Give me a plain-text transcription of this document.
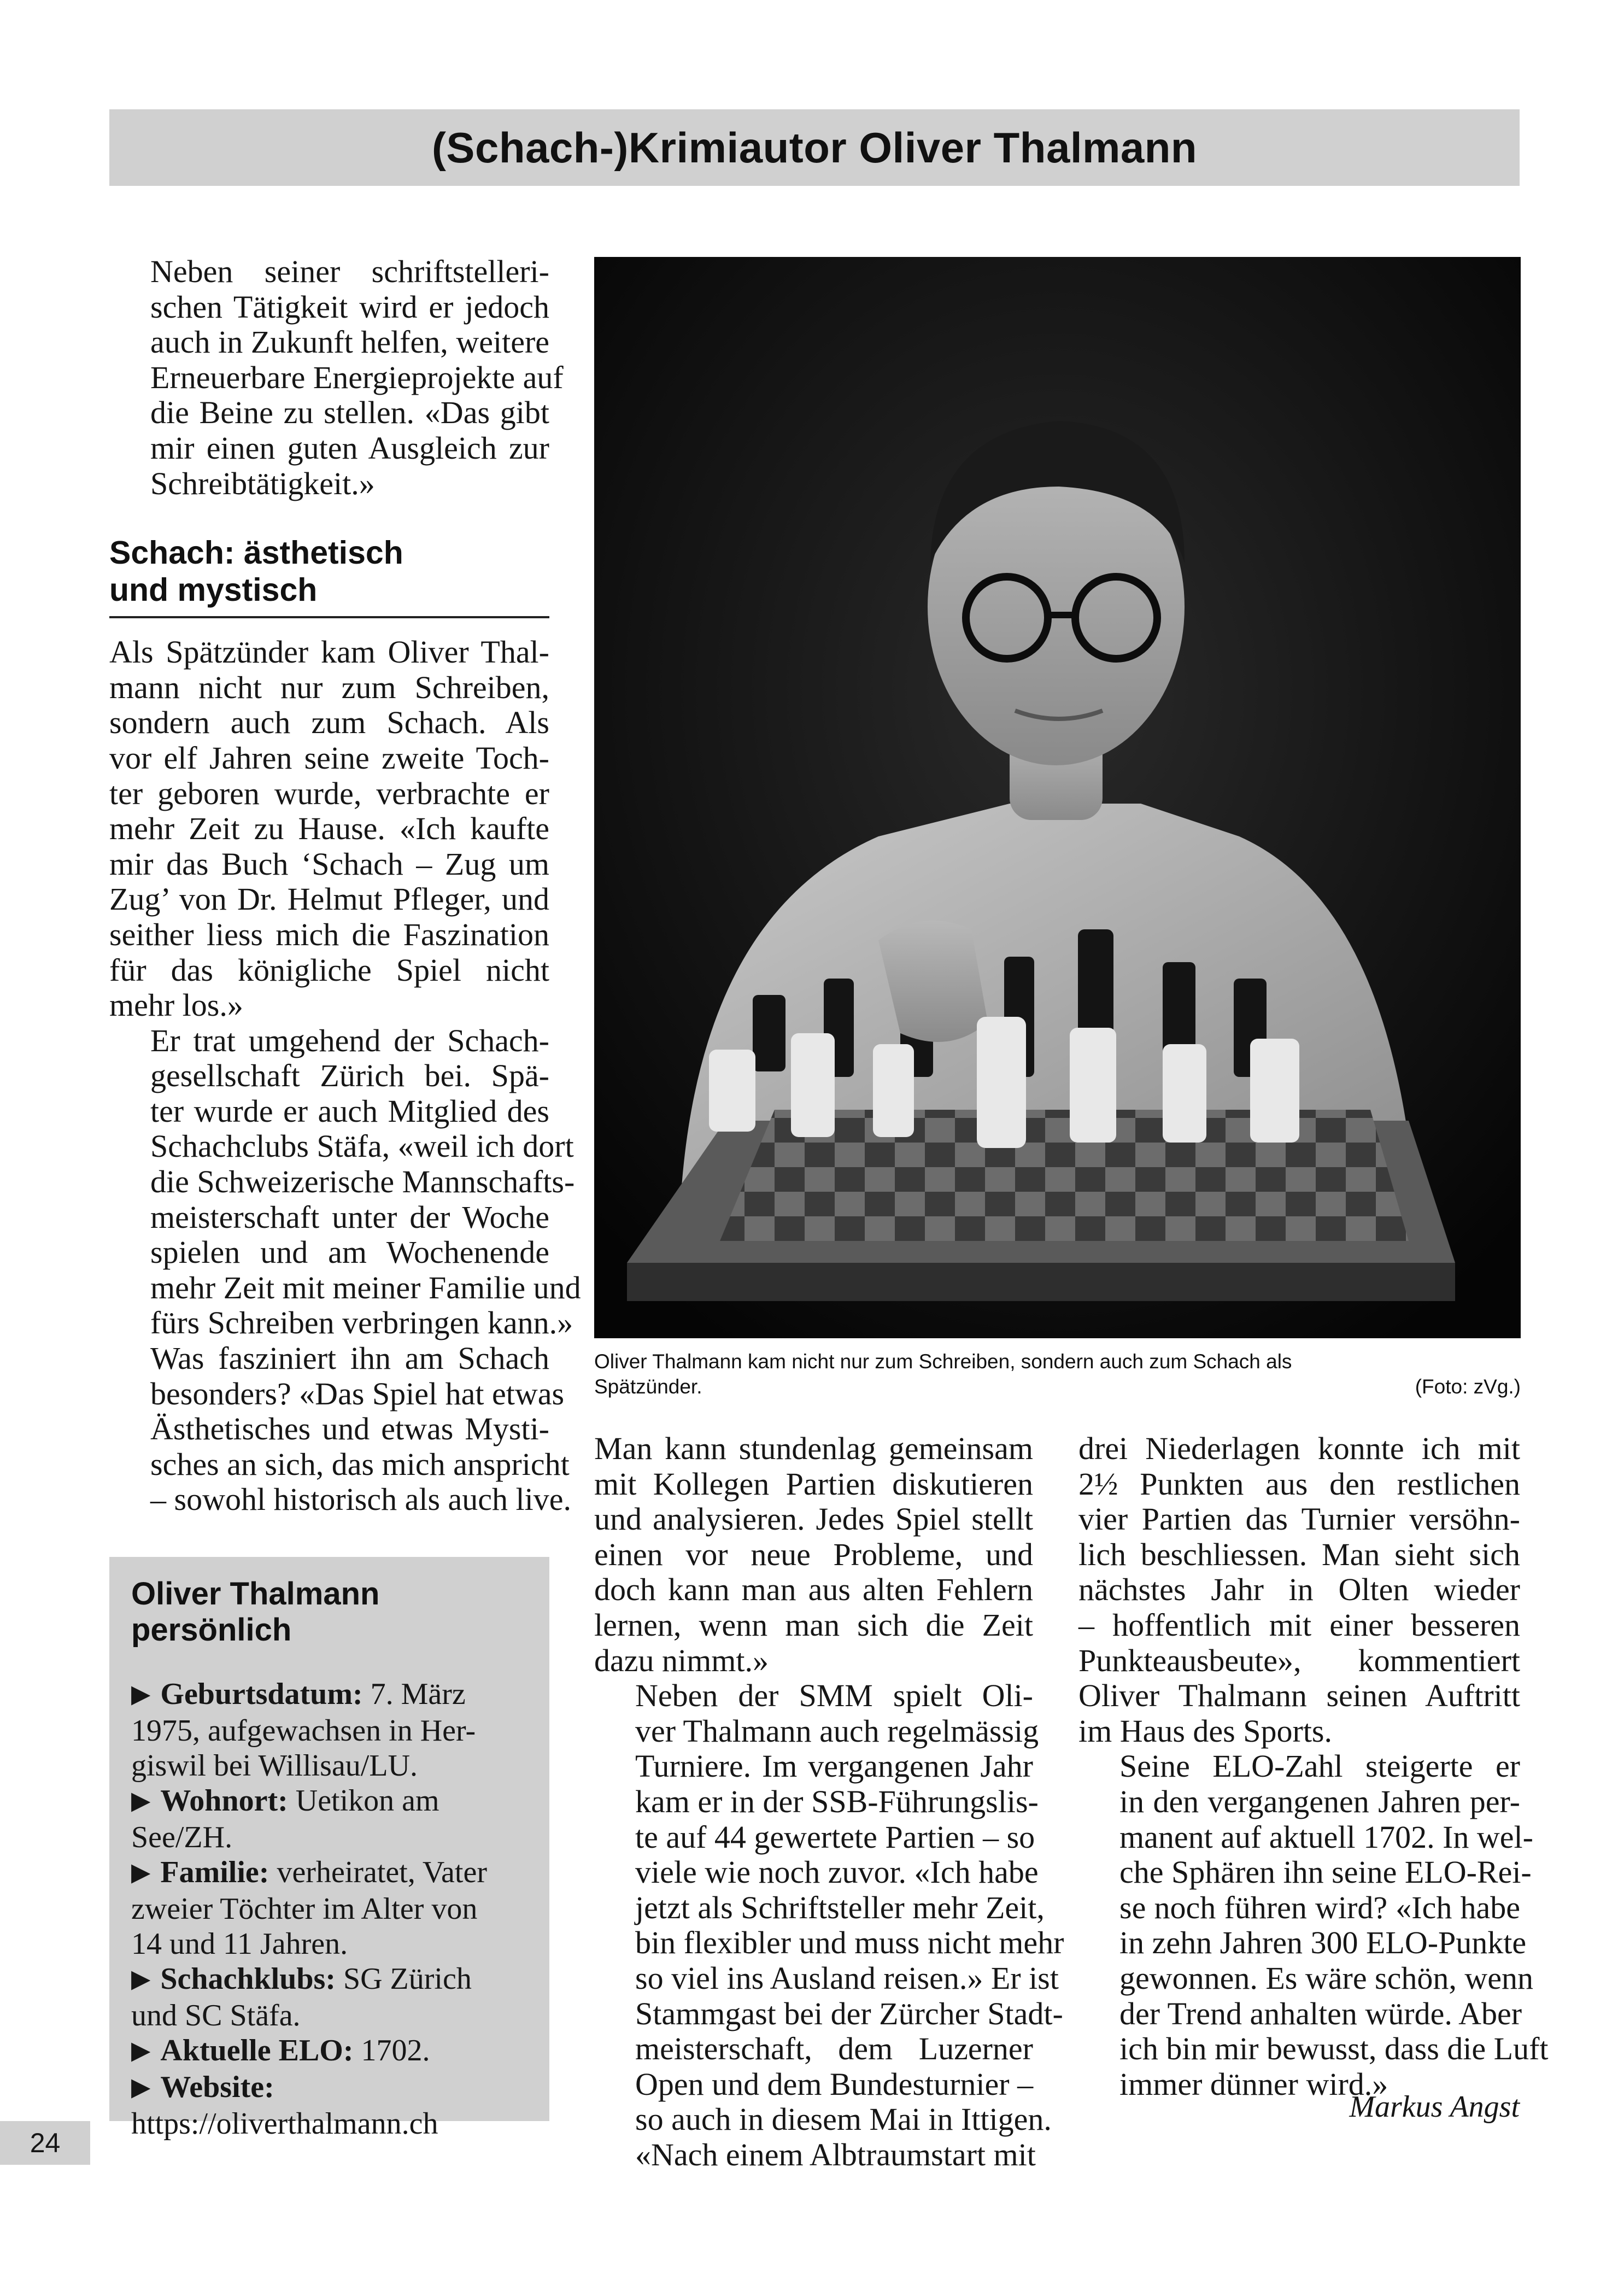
(Schach-)Krimiautor Oliver Thalmann

Neben seiner schriftstelleri-
schen Tätigkeit wird er jedoch
auch in Zukunft helfen, weitere
Erneuerbare Energieprojekte auf
die Beine zu stellen. «Das gibt
mir einen guten Ausgleich zur
Schreibtätigkeit.»

Schach: ästhetisch
und mystisch

Als Spätzünder kam Oliver Thal-
mann nicht nur zum Schreiben,
sondern auch zum Schach. Als
vor elf Jahren seine zweite Toch-
ter geboren wurde, verbrachte er
mehr Zeit zu Hause. «Ich kaufte
mir das Buch ‘Schach – Zug um
Zug’ von Dr. Helmut Pfleger, und
seither liess mich die Faszination
für das königliche Spiel nicht
mehr los.»

Er trat umgehend der Schach-
gesellschaft Zürich bei. Spä-
ter wurde er auch Mitglied des
Schachclubs Stäfa, «weil ich dort
die Schweizerische Mannschafts-
meisterschaft unter der Woche
spielen und am Wochenende
mehr Zeit mit meiner Familie und
fürs Schreiben verbringen kann.»

Was fasziniert ihn am Schach
besonders? «Das Spiel hat etwas
Ästhetisches und etwas Mysti-
sches an sich, das mich anspricht
– sowohl historisch als auch live.

Oliver Thalmann kam nicht nur zum Schreiben, sondern auch zum Schach als
Spätzünder.	(Foto: zVg.)

Man kann stundenlag gemeinsam
mit Kollegen Partien diskutieren
und analysieren. Jedes Spiel stellt
einen vor neue Probleme, und
doch kann man aus alten Fehlern
lernen, wenn man sich die Zeit
dazu nimmt.»

Neben der SMM spielt Oli-
ver Thalmann auch regelmässig
Turniere. Im vergangenen Jahr
kam er in der SSB-Führungslis-
te auf 44 gewertete Partien – so
viele wie noch zuvor. «Ich habe
jetzt als Schriftsteller mehr Zeit,
bin flexibler und muss nicht mehr
so viel ins Ausland reisen.» Er ist
Stammgast bei der Zürcher Stadt-
meisterschaft, dem Luzerner
Open und dem Bundesturnier –
so auch in diesem Mai in Ittigen.
«Nach einem Albtraumstart mit

drei Niederlagen konnte ich mit
2½ Punkten aus den restlichen
vier Partien das Turnier versöhn-
lich beschliessen. Man sieht sich
nächstes Jahr in Olten wieder
– hoffentlich mit einer besseren
Punkteausbeute», kommentiert
Oliver Thalmann seinen Auftritt
im Haus des Sports.

Seine ELO-Zahl steigerte er
in den vergangenen Jahren per-
manent auf aktuell 1702. In wel-
che Sphären ihn seine ELO-Rei-
se noch führen wird? «Ich habe
in zehn Jahren 300 ELO-Punkte
gewonnen. Es wäre schön, wenn
der Trend anhalten würde. Aber
ich bin mir bewusst, dass die Luft
immer dünner wird.»

Markus Angst
Oliver Thalmann
persönlich

▶ Geburtsdatum: 7. März
1975, aufgewachsen in Her-
giswil bei Willisau/LU.

▶ Wohnort: Uetikon am
See/ZH.

▶ Familie: verheiratet, Vater
zweier Töchter im Alter von
14 und 11 Jahren.

▶ Schachklubs: SG Zürich
und SC Stäfa.

▶ Aktuelle ELO: 1702.

▶ Website:
https://oliverthalmann.ch

24
